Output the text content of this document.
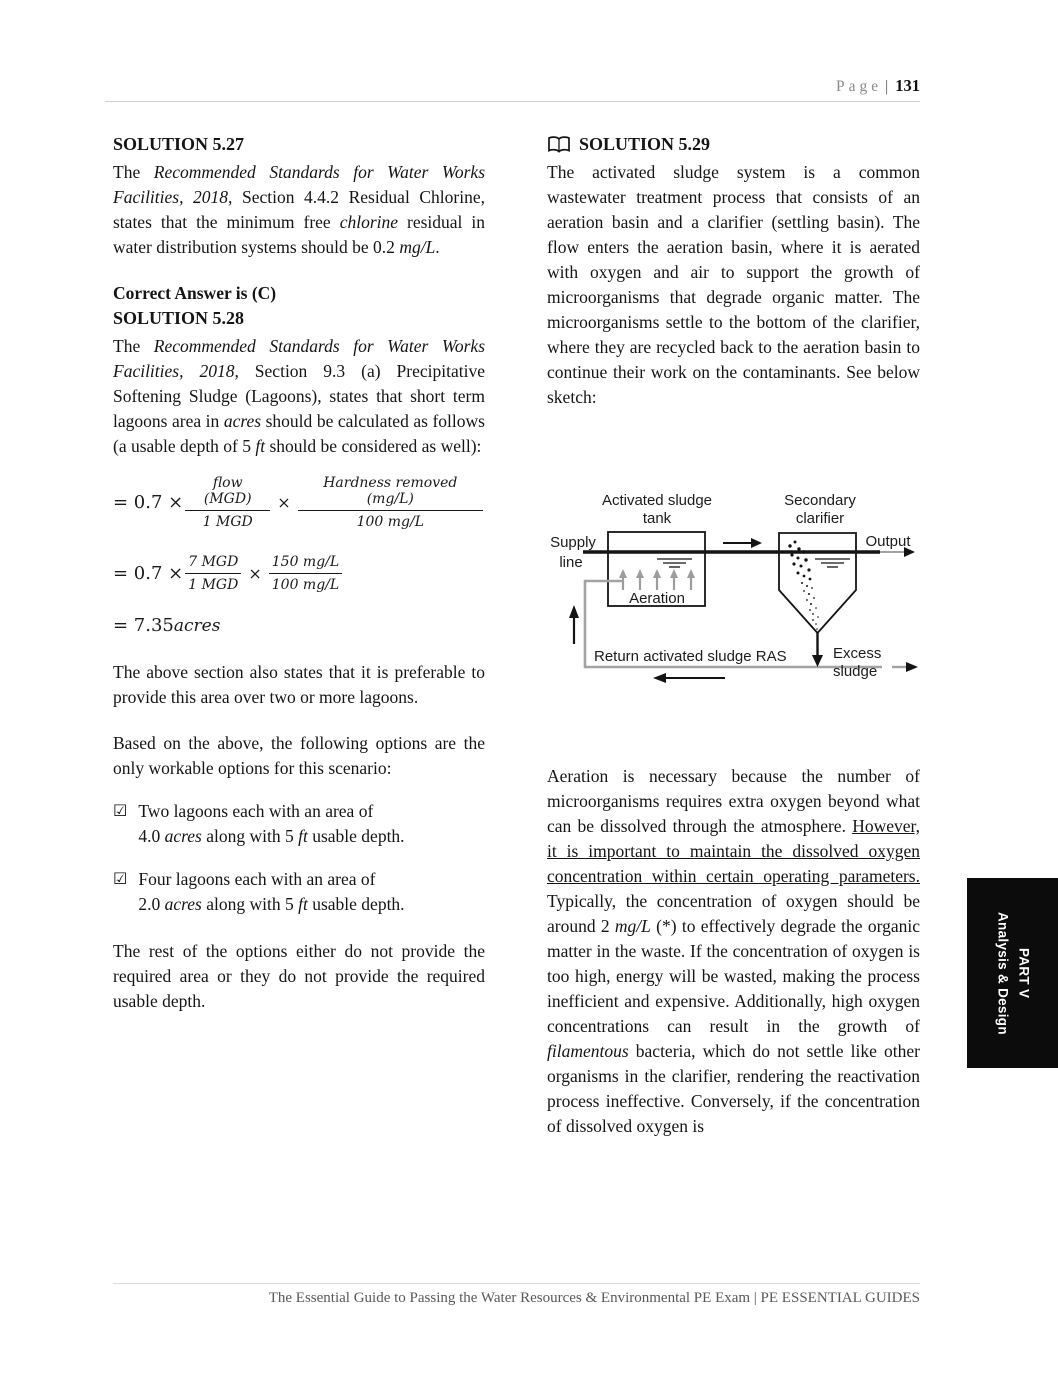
Page | 131
SOLUTION 5.27

The Recommended Standards for Water Works Facilities, 2018, Section 4.4.2 Residual Chlorine, states that the minimum free chlorine residual in water distribution systems should be 0.2 mg/L.

Correct Answer is (C)

SOLUTION 5.28

The Recommended Standards for Water Works Facilities, 2018, Section 9.3 (a) Precipitative Softening Sludge (Lagoons), states that short term lagoons area in acres should be calculated as follows (a usable depth of 5 ft should be considered as well):

= $0.7 \times \frac{\text{flow (MGD)}}{\text{1 MGD}} \times \frac{\text{Hardness removed (mg/L)}}{100 mg/L}$
= $0.7 \times \frac{\text{7 MGD}}{\text{1 MGD}} \times \frac{150 mg/L}{100 mg/L}$
= 7.35 acres

The above section also states that it is preferable to provide this area over two or more lagoons.

Based on the above, the following options are the only workable options for this scenario:

☑ Two lagoons each with an area of
4.0 acres along with 5 ft usable depth.
☑ Four lagoons each with an area of
2.0 acres along with 5 ft usable depth.

The rest of the options either do not provide the required area or they do not provide the required usable depth.

SOLUTION 5.29

The activated sludge system is a common wastewater treatment process that consists of an aeration basin and a clarifier (settling basin). The flow enters the aeration basin, where it is aerated with oxygen and air to support the growth of microorganisms that degrade organic matter. The microorganisms settle to the bottom of the clarifier, where they are recycled back to the aeration basin to continue their work on the contaminants. See below sketch:

Activated sludge
tank
Secondary
clarifier
Supply
line
Output
Aeration
Return activated sludge RAS	Excess
sludge

Aeration is necessary because the number of microorganisms requires extra oxygen beyond what can be dissolved through the atmosphere. However, it is important to maintain the dissolved oxygen concentration within certain operating parameters. Typically, the concentration of oxygen should be around 2 mg/L (*) to effectively degrade the organic matter in the waste. If the concentration of oxygen is too high, energy will be wasted, making the process inefficient and expensive. Additionally, high oxygen concentrations can result in the growth of filamentous bacteria, which do not settle like other organisms in the clarifier, rendering the reactivation process ineffective. Conversely, if the concentration of dissolved oxygen is

PART V
Analysis & Design
The Essential Guide to Passing the Water Resources & Environmental PE Exam | PE ESSENTIAL GUIDES
